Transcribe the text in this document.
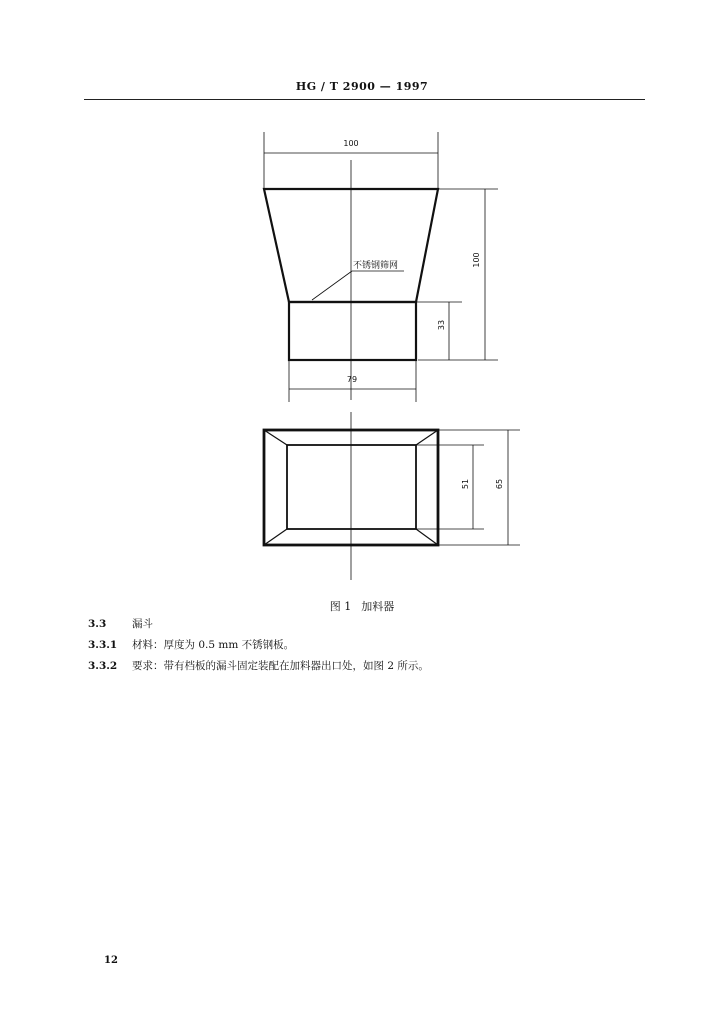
HG / T 2900 — 1997
100
100
33
不锈钢筛网
79
51	65
图 1 加料器
3.3 漏斗
3.3.1 材料：厚度为 0.5 mm 不锈钢板。
3.3.2 要求：带有档板的漏斗固定装配在加料器出口处，如图 2 所示。
12
